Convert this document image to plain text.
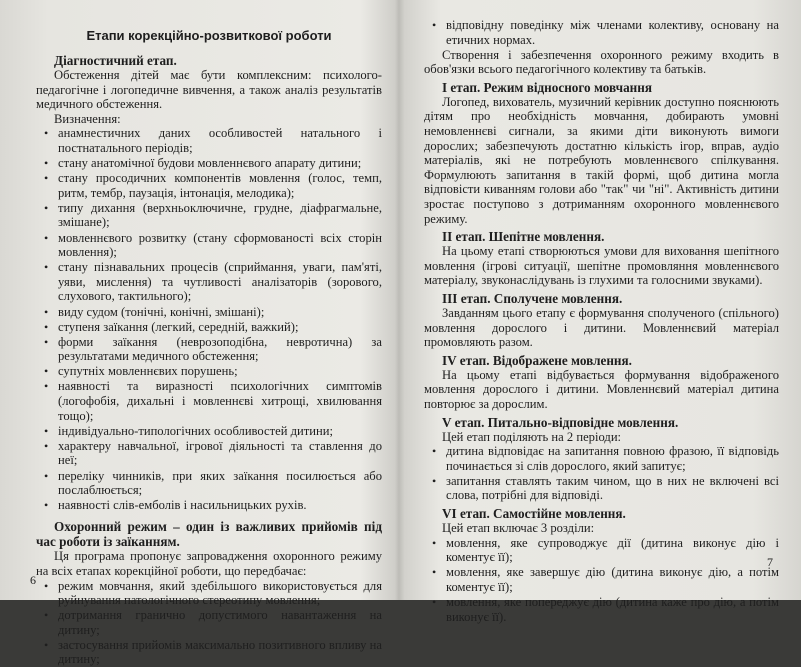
Етапи корекційно-розвиткової роботи
Діагностичний етап.

Обстеження дітей має бути комплексним: психолого-педагогічне і логопедичне вивчення, а також аналіз результатів медичного обстеження.

Визначення:

• анамнестичних даних особливостей натального і постнатального періодів;
• стану анатомічної будови мовленнєвого апарату дитини;
• стану просодичних компонентів мовлення (голос, темп, ритм, тембр, паузація, інтонація, мелодика);
• типу дихання (верхньоключичне, грудне, діафрагмальне, змішане);
• мовленнєвого розвитку (стану сформованості всіх сторін мовлення);
• стану пізнавальних процесів (сприймання, уваги, пам'яті, уяви, мислення) та чутливості аналізаторів (зорового, слухового, тактильного);
• виду судом (тонічні, конічні, змішані);
• ступеня заїкання (легкий, середній, важкий);
• форми заїкання (неврозоподібна, невротична) за результатами медичного обстеження;
• супутніх мовленнєвих порушень;
• наявності та виразності психологічних симптомів (логофобія, дихальні і мовленнєві хитрощі, хвилювання тощо);
• індивідуально-типологічних особливостей дитини;
• характеру навчальної, ігрової діяльності та ставлення до неї;
• переліку чинників, при яких заїкання посилюється або послаблюється;
• наявності слів-емболів і насильницьких рухів.

Охоронний режим – один із важливих прийомів під час роботи із заїканням.

Ця програма пропонує запровадження охоронного режиму на всіх етапах корекційної роботи, що передбачає:

• режим мовчання, який здебільшого використовується для руйнування патологічного стереотипу мовлення;
• дотримання гранично допустимого навантаження на дитину;
• застосування прийомів максимально позитивного впливу на дитину;
6
• відповідну поведінку між членами колективу, основану на етичних нормах.

Створення і забезпечення охоронного режиму входить в обов'язки всього педагогічного колективу та батьків.

I етап. Режим відносного мовчання

Логопед, вихователь, музичний керівник доступно пояснюють дітям про необхідність мовчання, добирають умовні немовленнєві сигнали, за якими діти виконують вимоги дорослих; забезпечують достатню кількість ігор, вправ, аудіо матеріалів, які не потребують мовленнєвого спілкування. Формулюють запитання в такій формі, щоб дитина могла відповісти киванням голови або "так" чи "ні". Активність дитини зростає поступово з дотриманням охоронного мовленнєвого режиму.

II етап. Шепітне мовлення.

На цьому етапі створюються умови для виховання шепітного мовлення (ігрові ситуації, шепітне промовляння мовленнєвого матеріалу, звуконаслідувань із глухими та голосними звуками).

III етап. Сполучене мовлення.

Завданням цього етапу є формування сполученого (спільного) мовлення дорослого і дитини. Мовленнєвий матеріал промовляють разом.

IV етап. Відображене мовлення.

На цьому етапі відбувається формування відображеного мовлення дорослого і дитини. Мовленнєвий матеріал дитина повторює за дорослим.

V етап. Питально-відповідне мовлення.

Цей етап поділяють на 2 періоди:

• дитина відповідає на запитання повною фразою, її відповідь починається зі слів дорослого, який запитує;
• запитання ставлять таким чином, що в них не включені всі слова, потрібні для відповіді.
VI етап. Самостійне мовлення.

Цей етап включає 3 розділи:

• мовлення, яке супроводжує дії (дитина виконує дію і коментує її);
• мовлення, яке завершує дію (дитина виконує дію, а потім коментує її);
• мовлення, яке попереджує дію (дитина каже про дію, а потім виконує її).
7
